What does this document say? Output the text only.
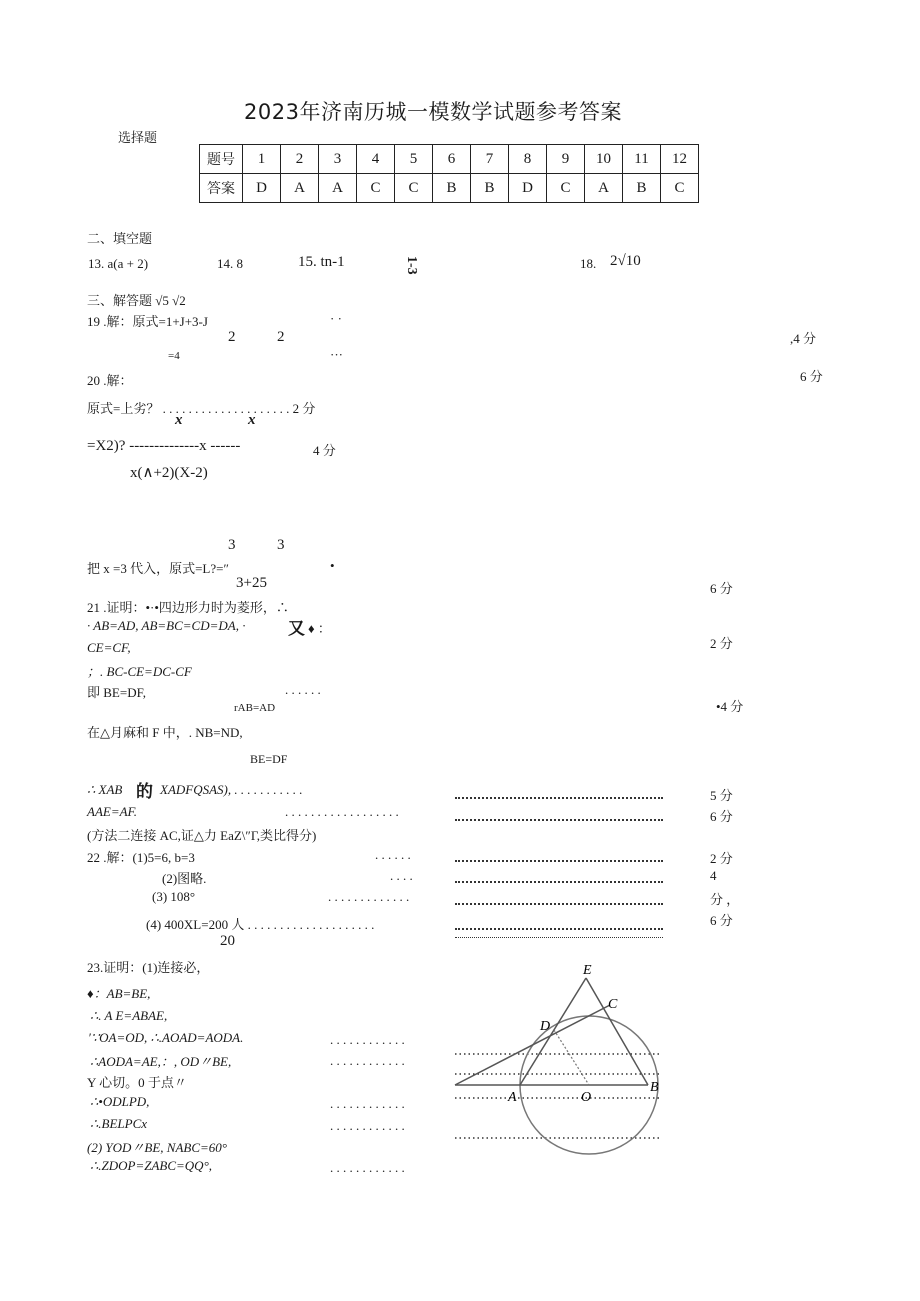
2023年济南历城一模数学试题参考答案
选择题
题号	1	2	3	4	5	6	7	8	9	10	11	12
答案	D	A	A	C	C	B	B	D	C	A	B	C
二、填空题
13. a(a + 2)	14. 8	15. tn-1	1-3	18. 2√10
三、解答题 √5 √2
19 .解：原式=1+J+3-J	· ·
2	2	,4 分
=4	···
6 分
20 .解：
原式=上劣？ . . . . . . . . . . . . . . . . . . . . 2 分
x	x
=X2)? --------------x ------	4 分
x(∧+2)(X-2)
3	3
把 x =3 代入，原式=L?=″	•
3+25	6 分
21 .证明：•·•四边形力时为菱形，∴
· AB=AD, AB=BC=CD=DA, ·	又 ♦ ：
2 分
CE=CF,
；. BC-CE=DC-CF
即 BE=DF,	. . . . . .
•4 分
rAB=AD
在△月麻和 F 中，. NB=ND,
BE=DF
∴ XAB 的 XADFQSAS), . . . . . . . . . . .	5 分
AAE=AF.	. . . . . . . . . . . . . . . . . .	6 分
(方法二连接 AC,证△力 EaZ\″Γ,类比得分)
22 .解：(1)5=6, b=3	. . . . . .	2 分
(2)图略.	. . . .	4
(3) 108°	. . . . . . . . . . . . .	分 ，
(4) 400XL=200 人 . . . . . . . . . . . . . . . . . . . .	6 分
20
23.证明：(1)连接必，
♦：AB=BE,
∴. A E=ABAE,
′∵OA=OD, ∴.AOAD=AODA.	. . . . . . . . . . . .
∴AODA=AE,：, OD〃BE,	. . . . . . . . . . . .
Y 心切。0 于点〃
∴•ODLPD,	. . . . . . . . . . . .
∴.BELPCx	. . . . . . . . . . . .
(2) YOD〃BE, NABC=60°
∴.ZDOP=ZABC=QQ°,	. . . . . . . . . . . .
E
C
D
A	O
B
